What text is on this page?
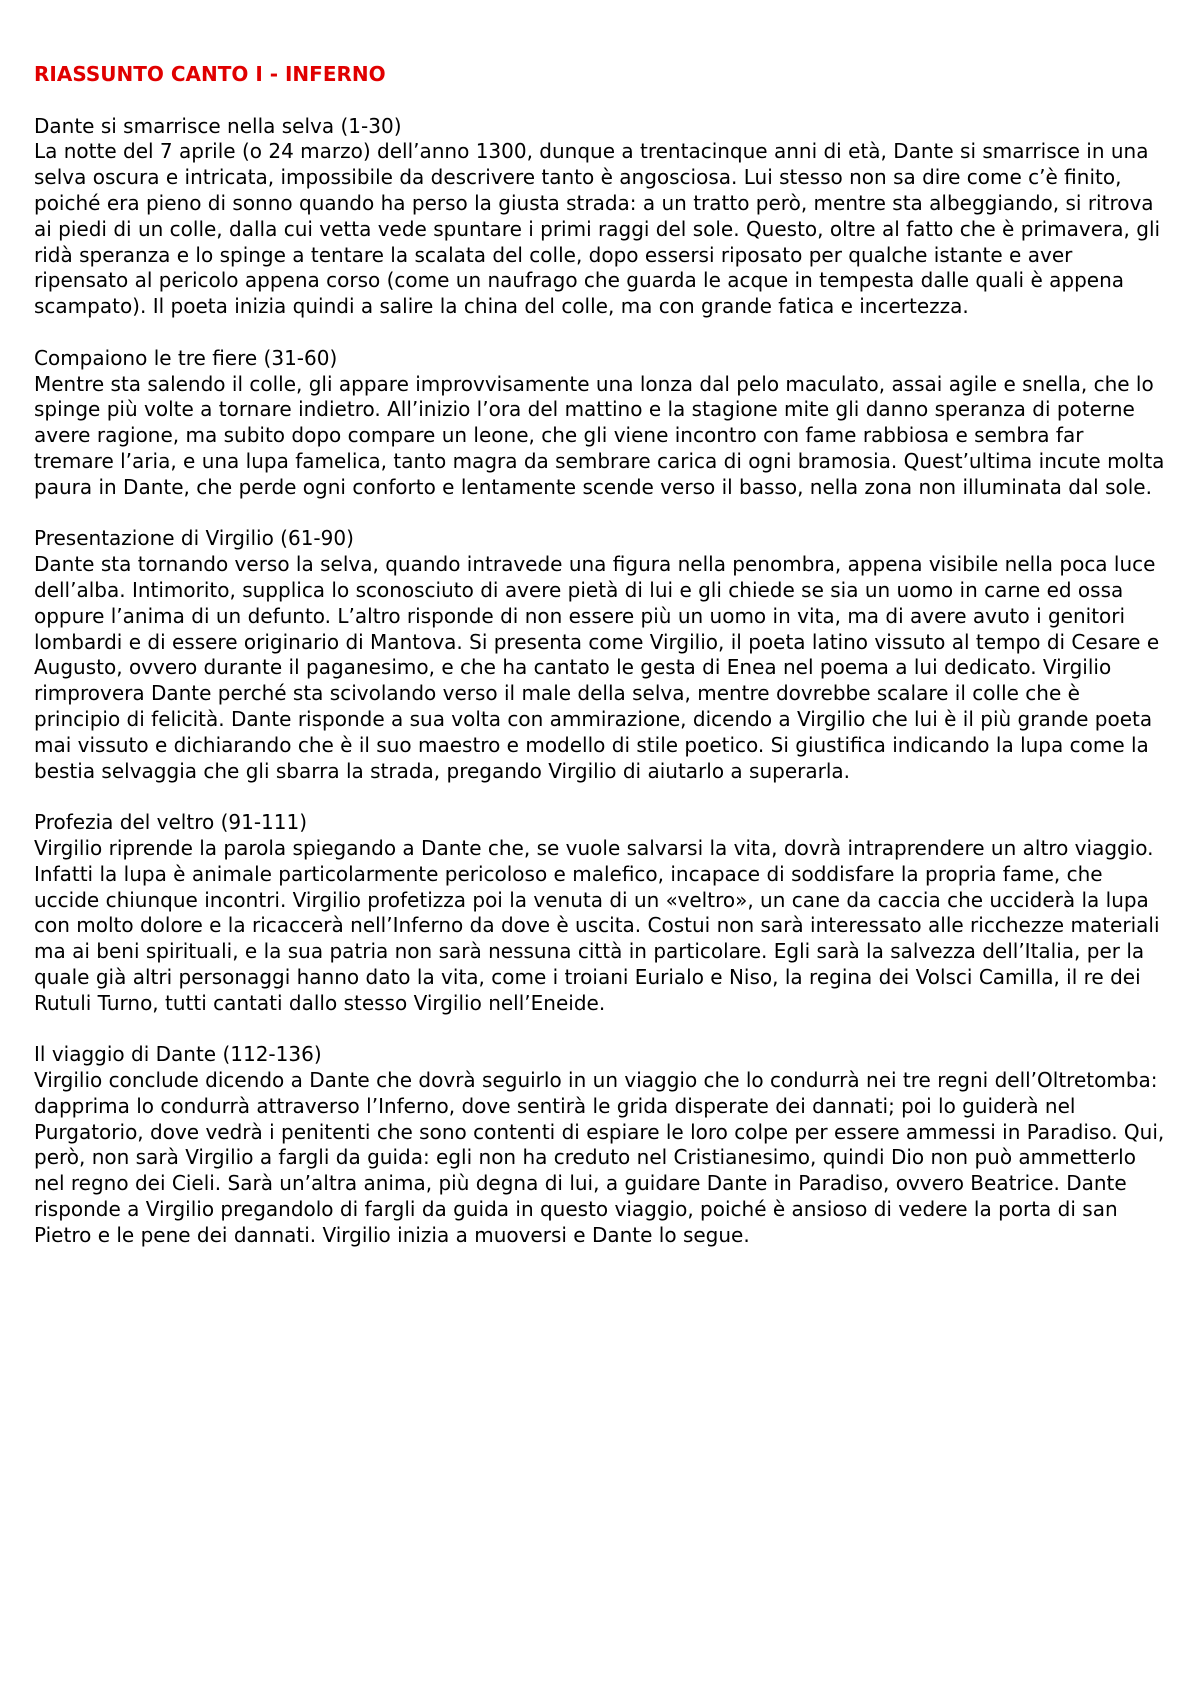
RIASSUNTO CANTO I - INFERNO

Dante si smarrisce nella selva (1-30)

La notte del 7 aprile (o 24 marzo) dell’anno 1300, dunque a trentacinque anni di età, Dante si smarrisce in una selva oscura e intricata, impossibile da descrivere tanto è angosciosa. Lui stesso non sa dire come c’è finito, poiché era pieno di sonno quando ha perso la giusta strada: a un tratto però, mentre sta albeggiando, si ritrova ai piedi di un colle, dalla cui vetta vede spuntare i primi raggi del sole. Questo, oltre al fatto che è primavera, gli ridà speranza e lo spinge a tentare la scalata del colle, dopo essersi riposato per qualche istante e aver ripensato al pericolo appena corso (come un naufrago che guarda le acque in tempesta dalle quali è appena scampato). Il poeta inizia quindi a salire la china del colle, ma con grande fatica e incertezza.

Compaiono le tre fiere (31-60)

Mentre sta salendo il colle, gli appare improvvisamente una lonza dal pelo maculato, assai agile e snella, che lo spinge più volte a tornare indietro. All’inizio l’ora del mattino e la stagione mite gli danno speranza di poterne avere ragione, ma subito dopo compare un leone, che gli viene incontro con fame rabbiosa e sembra far tremare l’aria, e una lupa famelica, tanto magra da sembrare carica di ogni bramosia. Quest’ultima incute molta paura in Dante, che perde ogni conforto e lentamente scende verso il basso, nella zona non illuminata dal sole.

Presentazione di Virgilio (61-90)

Dante sta tornando verso la selva, quando intravede una figura nella penombra, appena visibile nella poca luce dell’alba. Intimorito, supplica lo sconosciuto di avere pietà di lui e gli chiede se sia un uomo in carne ed ossa oppure l’anima di un defunto. L’altro risponde di non essere più un uomo in vita, ma di avere avuto i genitori lombardi e di essere originario di Mantova. Si presenta come Virgilio, il poeta latino vissuto al tempo di Cesare e Augusto, ovvero durante il paganesimo, e che ha cantato le gesta di Enea nel poema a lui dedicato. Virgilio rimprovera Dante perché sta scivolando verso il male della selva, mentre dovrebbe scalare il colle che è principio di felicità. Dante risponde a sua volta con ammirazione, dicendo a Virgilio che lui è il più grande poeta mai vissuto e dichiarando che è il suo maestro e modello di stile poetico. Si giustifica indicando la lupa come la bestia selvaggia che gli sbarra la strada, pregando Virgilio di aiutarlo a superarla.

Profezia del veltro (91-111)

Virgilio riprende la parola spiegando a Dante che, se vuole salvarsi la vita, dovrà intraprendere un altro viaggio. Infatti la lupa è animale particolarmente pericoloso e malefico, incapace di soddisfare la propria fame, che uccide chiunque incontri. Virgilio profetizza poi la venuta di un «veltro», un cane da caccia che ucciderà la lupa con molto dolore e la ricaccerà nell’Inferno da dove è uscita. Costui non sarà interessato alle ricchezze materiali ma ai beni spirituali, e la sua patria non sarà nessuna città in particolare. Egli sarà la salvezza dell’Italia, per la quale già altri personaggi hanno dato la vita, come i troiani Eurialo e Niso, la regina dei Volsci Camilla, il re dei Rutuli Turno, tutti cantati dallo stesso Virgilio nell’Eneide.

Il viaggio di Dante (112-136)

Virgilio conclude dicendo a Dante che dovrà seguirlo in un viaggio che lo condurrà nei tre regni dell’Oltretomba: dapprima lo condurrà attraverso l’Inferno, dove sentirà le grida disperate dei dannati; poi lo guiderà nel Purgatorio, dove vedrà i penitenti che sono contenti di espiare le loro colpe per essere ammessi in Paradiso. Qui, però, non sarà Virgilio a fargli da guida: egli non ha creduto nel Cristianesimo, quindi Dio non può ammetterlo nel regno dei Cieli. Sarà un’altra anima, più degna di lui, a guidare Dante in Paradiso, ovvero Beatrice. Dante risponde a Virgilio pregandolo di fargli da guida in questo viaggio, poiché è ansioso di vedere la porta di san Pietro e le pene dei dannati. Virgilio inizia a muoversi e Dante lo segue.
